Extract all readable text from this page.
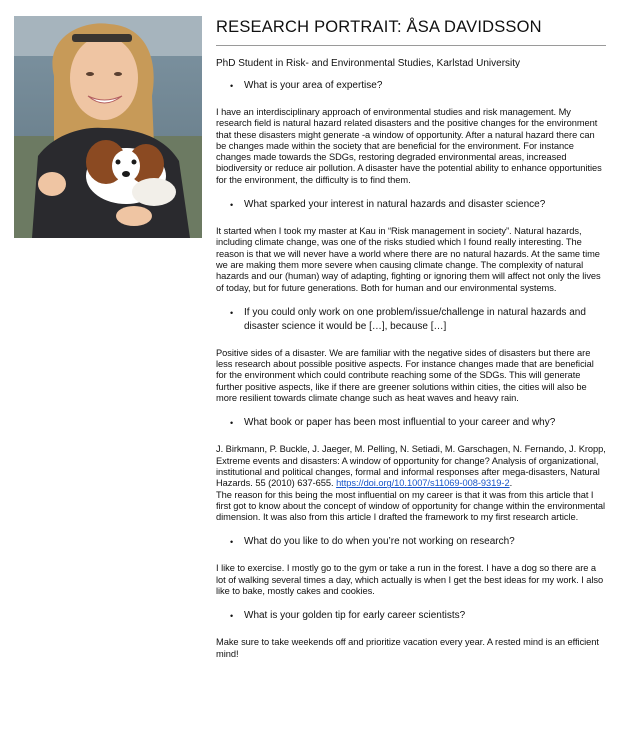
RESEARCH PORTRAIT: ÅSA DAVIDSSON

PhD Student in Risk- and Environmental Studies, Karlstad University

• What is your area of expertise?

I have an interdisciplinary approach of environmental studies and risk management. My research field is natural hazard related disasters and the positive changes for the environment that these disasters might generate -a window of opportunity. After a natural hazard there can be changes made within the society that are beneficial for the environment. For instance changes made towards the SDGs, restoring degraded environmental areas, increased biodiversity or reduce air pollution. A disaster have the potential ability to enhance opportunities for the environment, the difficulty is to find them.

• What sparked your interest in natural hazards and disaster science?

It started when I took my master at Kau in “Risk management in society”. Natural hazards, including climate change, was one of the risks studied which I found really interesting. The reason is that we will never have a world where there are no natural hazards. At the same time we are making them more severe when causing climate change. The complexity of natural hazards and our (human) way of adapting, fighting or ignoring them will affect not only the lives of today, but for future generations. Both for human and our environmental systems.

• If you could only work on one problem/issue/challenge in natural hazards and disaster science it would be […], because […]

Positive sides of a disaster. We are familiar with the negative sides of disasters but there are less research about possible positive aspects. For instance changes made that are beneficial for the environment which could contribute reaching some of the SDGs. This will generate further positive aspects, like if there are greener solutions within cities, the cities will also be more resilient towards climate change such as heat waves and heavy rain.

• What book or paper has been most influential to your career and why?

J. Birkmann, P. Buckle, J. Jaeger, M. Pelling, N. Setiadi, M. Garschagen, N. Fernando, J. Kropp, Extreme events and disasters: A window of opportunity for change? Analysis of organizational, institutional and political changes, formal and informal responses after mega-disasters, Natural Hazards. 55 (2010) 637-655. https://doi.org/10.1007/s11069-008-9319-2.

The reason for this being the most influential on my career is that it was from this article that I first got to know about the concept of window of opportunity for change within the environmental dimension. It was also from this article I drafted the framework to my first research article.

• What do you like to do when you’re not working on research?

I like to exercise. I mostly go to the gym or take a run in the forest. I have a dog so there are a lot of walking several times a day, which actually is when I get the best ideas for my work. I also like to bake, mostly cakes and cookies.

• What is your golden tip for early career scientists?

Make sure to take weekends off and prioritize vacation every year. A rested mind is an efficient mind!
